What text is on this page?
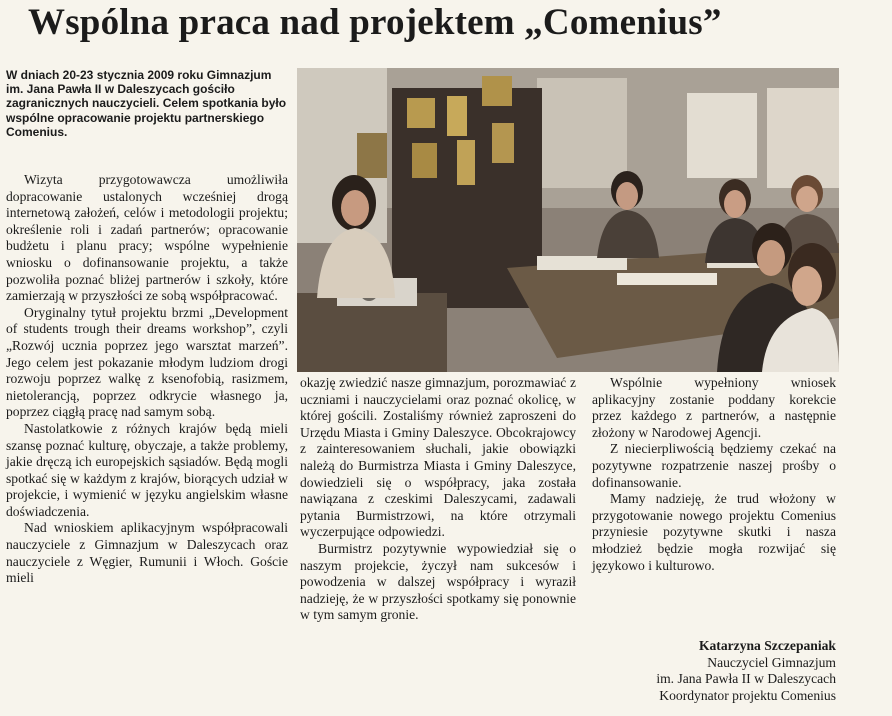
Wspólna praca nad projektem „Comenius”
W dniach 20-23 stycznia 2009 roku Gimnazjum im. Jana Pawła II w Daleszycach gościło zagranicznych nauczycieli. Celem spotkania było wspólne opracowanie projektu partnerskiego Comenius.

Wizyta przygotowawcza umożliwiła dopracowanie ustalonych wcześniej drogą internetową założeń, celów i metodologii projektu; określenie roli i zadań partnerów; opracowanie budżetu i planu pracy; wspólne wypełnienie wniosku o dofinansowanie projektu, a także pozwoliła poznać bliżej partnerów i szkoły, które zamierzają w przyszłości ze sobą współpracować.

Oryginalny tytuł projektu brzmi „Development of students trough their dreams workshop”, czyli „Rozwój ucznia poprzez jego warsztat marzeń”. Jego celem jest pokazanie młodym ludziom drogi rozwoju poprzez walkę z ksenofobią, rasizmem, nietolerancją, poprzez odkrycie własnego ja, poprzez ciągłą pracę nad samym sobą.

Nastolatkowie z różnych krajów będą mieli szansę poznać kulturę, obyczaje, a także problemy, jakie dręczą ich europejskich sąsiadów. Będą mogli spotkać się w każdym z krajów, biorących udział w projekcie, i wymienić w języku angielskim własne doświadczenia.

Nad wnioskiem aplikacyjnym współpracowali nauczyciele z Gimnazjum w Daleszycach oraz nauczyciele z Węgier, Rumunii i Włoch. Goście mieli

okazję zwiedzić nasze gimnazjum, porozmawiać z uczniami i nauczycielami oraz poznać okolicę, w której gościli. Zostaliśmy również zaproszeni do Urzędu Miasta i Gminy Daleszyce. Obcokrajowcy z zainteresowaniem słuchali, jakie obowiązki należą do Burmistrza Miasta i Gminy Daleszyce, dowiedzieli się o współpracy, jaka została nawiązana z czeskimi Daleszycami, zadawali pytania Burmistrzowi, na które otrzymali wyczerpujące odpowiedzi.

Burmistrz pozytywnie wypowiedział się o naszym projekcie, życzył nam sukcesów i powodzenia w dalszej współpracy i wyraził nadzieję, że w przyszłości spotkamy się ponownie w tym samym gronie.

Wspólnie wypełniony wniosek aplikacyjny zostanie poddany korekcie przez każdego z partnerów, a następnie złożony w Narodowej Agencji.

Z niecierpliwością będziemy czekać na pozytywne rozpatrzenie naszej prośby o dofinansowanie.

Mamy nadzieję, że trud włożony w przygotowanie nowego projektu Comenius przyniesie pozytywne skutki i nasza młodzież będzie mogła rozwijać się językowo i kulturowo.

Katarzyna Szczepaniak
Nauczyciel Gimnazjum
im. Jana Pawła II w Daleszycach
Koordynator projektu Comenius
